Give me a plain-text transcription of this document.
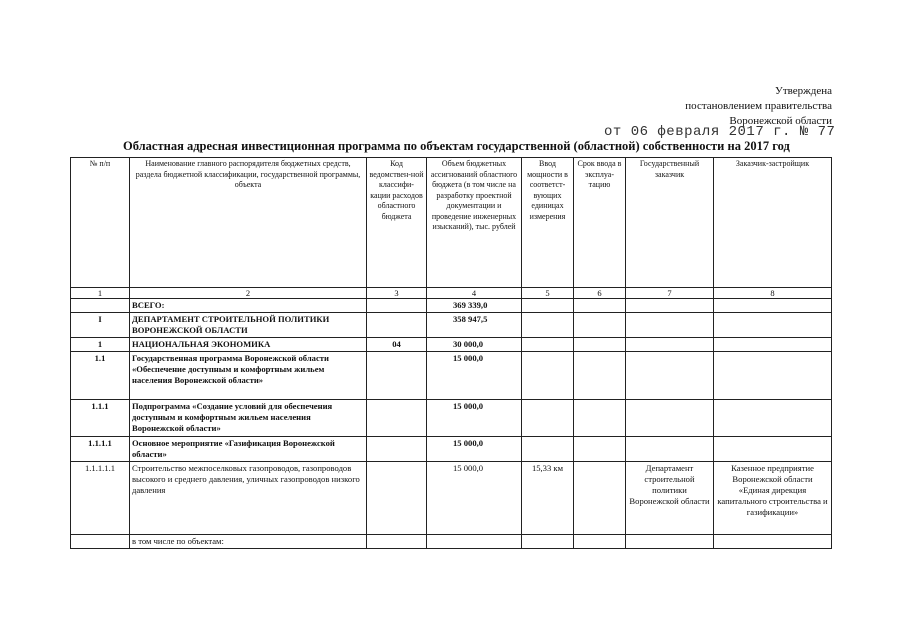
Утверждена
постановлением правительства
Воронежской области
от 06 февраля 2017 г. № 77
Областная адресная инвестиционная программа по объектам государственной (областной) собственности на 2017 год
№ п/п	Наименование главного распорядителя бюджетных средств, раздела бюджетной классификации, государственной программы, объекта	Код ведомствен-ной классифи-кации расходов областного бюджета	Объем бюджетных ассигнований областного бюджета (в том числе на разработку проектной документации и проведение инженерных изысканий), тыс. рублей	Ввод мощности в соответст-вующих единицах измерения	Срок ввода в эксплуа-тацию	Государственный заказчик	Заказчик-застройщик
1	2	3	4	5	6	7	8
	ВСЕГО:		369 339,0				
I	ДЕПАРТАМЕНТ СТРОИТЕЛЬНОЙ ПОЛИТИКИ ВОРОНЕЖСКОЙ ОБЛАСТИ		358 947,5				
1	НАЦИОНАЛЬНАЯ ЭКОНОМИКА	04	30 000,0				
1.1	Государственная программа Воронежской области «Обеспечение доступным и комфортным жильем населения Воронежской области»		15 000,0				
1.1.1	Подпрограмма «Создание условий для обеспечения доступным и комфортным жильем населения Воронежской области»		15 000,0				
1.1.1.1	Основное мероприятие «Газификация Воронежской области»		15 000,0				
1.1.1.1.1	Строительство межпоселковых газопроводов, газопроводов высокого и среднего давления, уличных газопроводов низкого давления		15 000,0	15,33 км		Департамент строительной политики Воронежской области	Казенное предприятие Воронежской области «Единая дирекция капитального строительства и газификации»
	в том числе по объектам:						
